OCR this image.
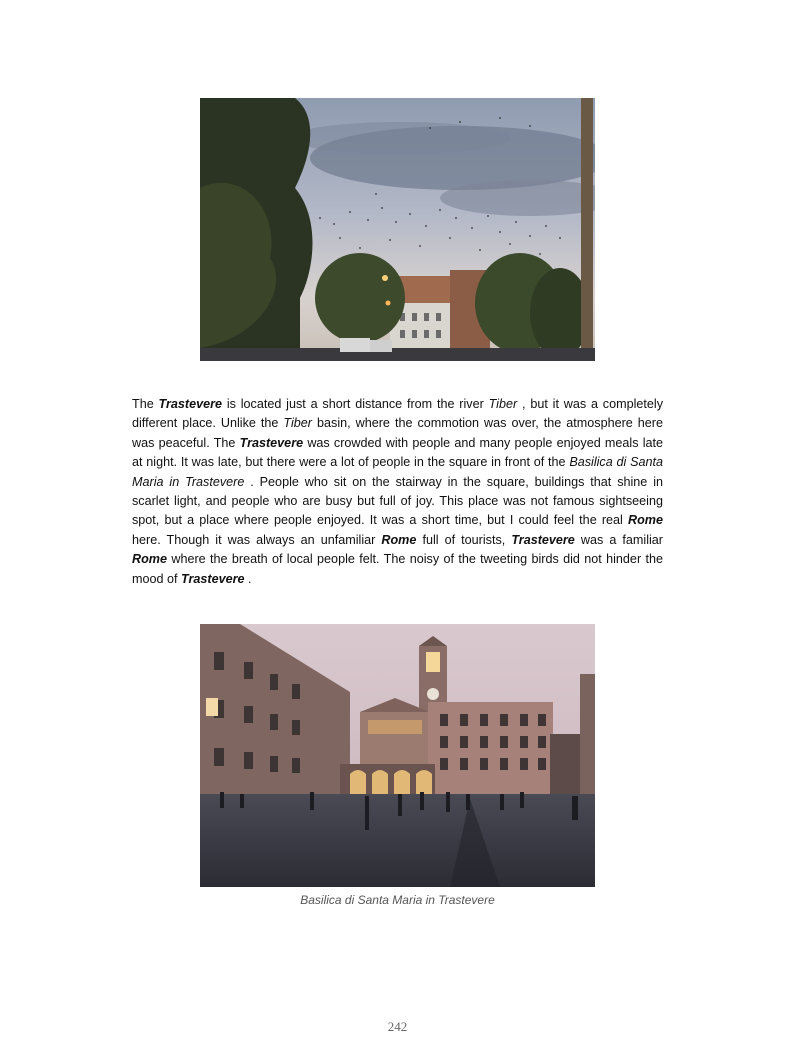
The Trastevere is located just a short distance from the river Tiber , but it was a completely different place. Unlike the Tiber basin, where the commotion was over, the atmosphere here was peaceful. The Trastevere was crowded with people and many people enjoyed meals late at night. It was late, but there were a lot of people in the square in front of the Basilica di Santa Maria in Trastevere . People who sit on the stairway in the square, buildings that shine in scarlet light, and people who are busy but full of joy. This place was not famous sightseeing spot, but a place where people enjoyed. It was a short time, but I could feel the real Rome here. Though it was always an unfamiliar Rome full of tourists, Trastevere was a familiar Rome where the breath of local people felt. The noisy of the tweeting birds did not hinder the mood of Trastevere .

Basilica di Santa Maria in Trastevere
242
